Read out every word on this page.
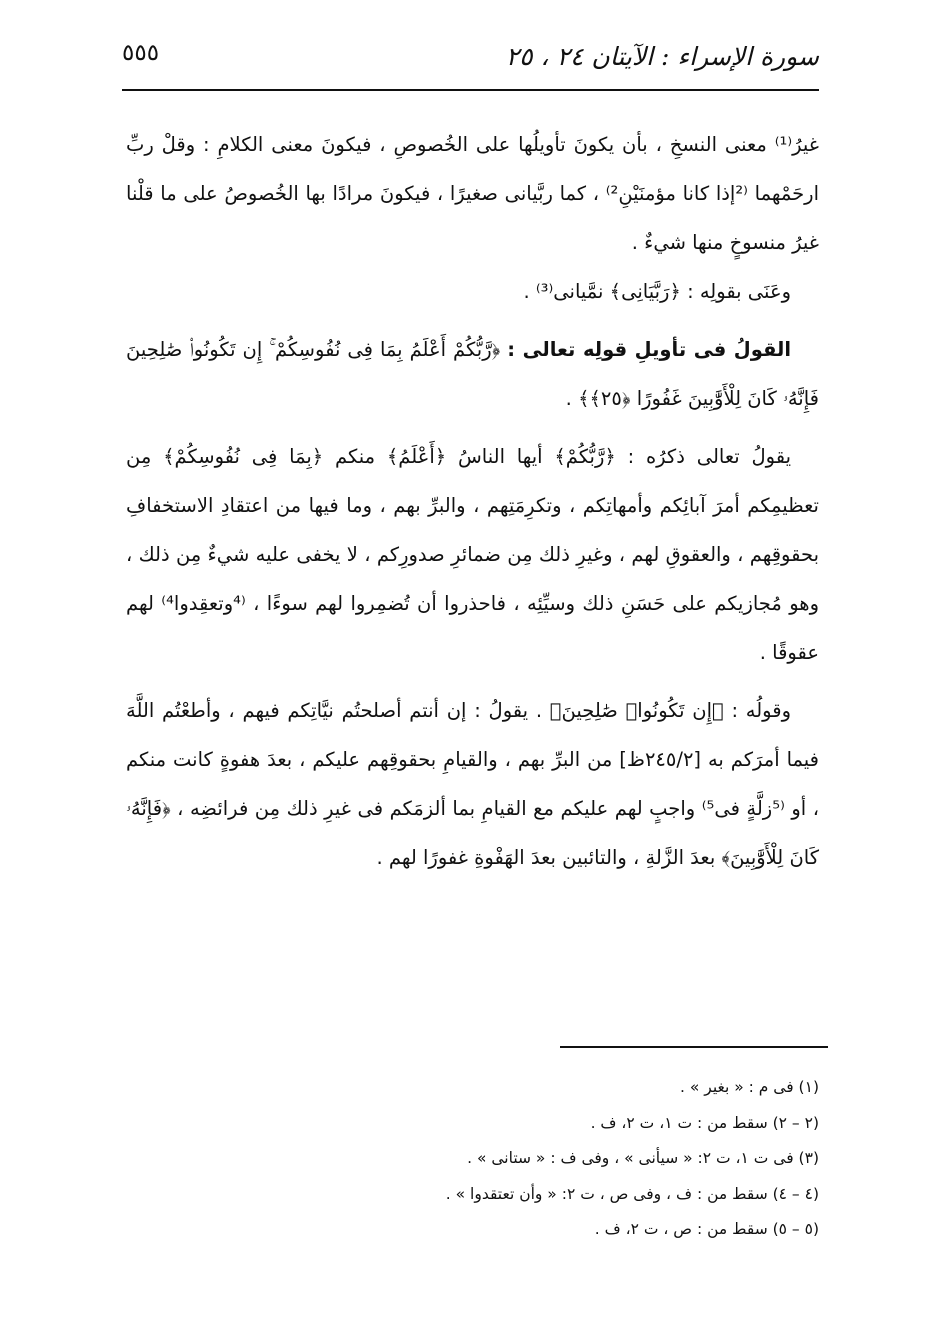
سورة الإسراء : الآيتان ٢٤ ، ٢٥
٥٥٥

غيرُ⁽¹⁾ معنى النسخِ ، بأن يكونَ تأويلُها على الخُصوصِ ، فيكونَ معنى الكلامِ : وقلْ ربِّ ارحَمْهما ⁽²إذا كانا مؤمنَيْنِ²⁾ ، كما ربَّيانى صغيرًا ، فيكونَ مرادًا بها الخُصوصُ على ما قلْنا غيرُ منسوخٍ منها شيءٌ .

وعَنَى بقولِه : ﴿رَبَّيَانِى﴾ نمَّيانى⁽³⁾ .

القولُ فى تأويلِ قولِه تعالى : ﴿رَّبُّكُمْ أَعْلَمُ بِمَا فِى نُفُوسِكُمْ ۚ إِن تَكُونُوا۟ صَٰلِحِينَ فَإِنَّهُۥ كَانَ لِلْأَوَّٰبِينَ غَفُورًا ﴿٢٥﴾﴾ .

يقولُ تعالى ذكرُه : ﴿رَّبُّكُمْ﴾ أيها الناسُ ﴿أَعْلَمُ﴾ منكم ﴿بِمَا فِى نُفُوسِكُمْ﴾ مِن تعظيمِكم أمرَ آبائِكم وأمهاتِكم ، وتكرِمَتِهم ، والبرِّ بهم ، وما فيها من اعتقادِ الاستخفافِ بحقوقِهم ، والعقوقِ لهم ، وغيرِ ذلك مِن ضمائرِ صدورِكم ، لا يخفى عليه شيءٌ مِن ذلك ، وهو مُجازيكم على حَسَنِ ذلك وسيِّئِه ، فاحذروا أن تُضمِروا لهم سوءًا ، ⁽⁴وتعقِدوا⁴⁾ لهم عقوقًا .

وقولُه : ﴿إِن تَكُونُوا۟ صَٰلِحِينَ﴾ . يقولُ : إن أنتم أصلحتُم نيَّاتِكم فيهم ، وأطعْتُم اللَّهَ فيما أمرَكم به [٢٤٥/٢ظ] من البرِّ بهم ، والقيامِ بحقوقِهم عليكم ، بعدَ هفوةٍ كانت منكم ، أو ⁽⁵زلَّةٍ فى⁵⁾ واجبٍ لهم عليكم مع القيامِ بما ألزمَكم فى غيرِ ذلك مِن فرائضِه ، ﴿فَإِنَّهُۥ كَانَ لِلْأَوَّٰبِينَ﴾ بعدَ الزَّلةِ ، والتائبين بعدَ الهَفْوةِ غفورًا لهم .

(١) فى م : « بغير » .
(٢ – ٢) سقط من : ت ١، ت ٢، ف .
(٣) فى ت ١، ت ٢: « سيأنى » ، وفى ف : « ستانى » .
(٤ – ٤) سقط من : ف ، وفى ص ، ت ٢: « وأن تعتقدوا » .
(٥ – ٥) سقط من : ص ، ت ٢، ف .
